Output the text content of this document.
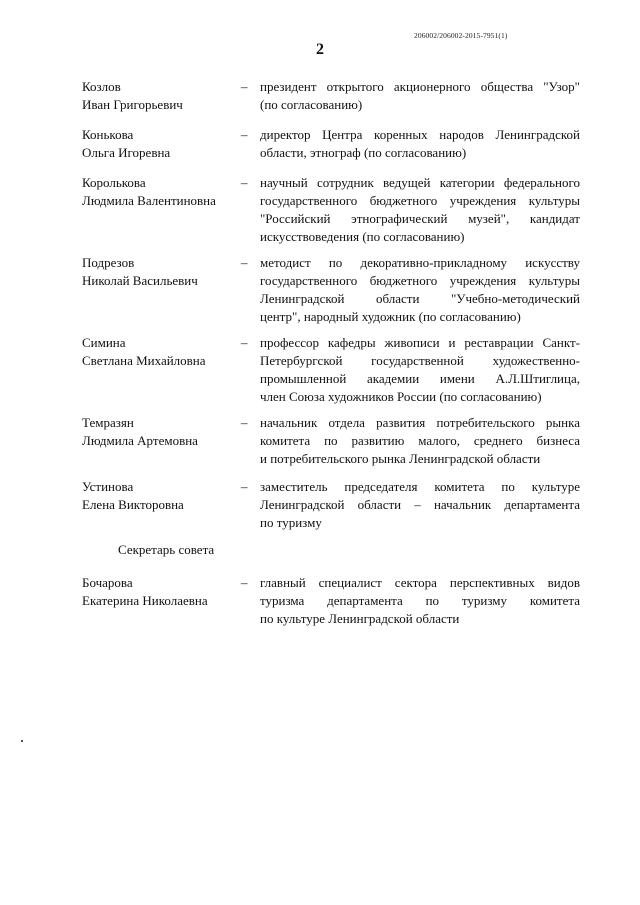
206002/206002-2015-7951(1)
2
Козлов
Иван Григорьевич
– президент открытого акционерного общества "Узор"
(по согласованию)
Конькова
Ольга Игоревна
– директор Центра коренных народов Ленинградской
области, этнограф (по согласованию)
Королькова
Людмила Валентиновна
– научный сотрудник ведущей категории федерального
государственного бюджетного учреждения культуры
"Российский этнографический музей", кандидат
искусствоведения (по согласованию)
Подрезов
Николай Васильевич
– методист по декоративно-прикладному искусству
государственного бюджетного учреждения культуры
Ленинградской области "Учебно-методический
центр", народный художник (по согласованию)
Симина
Светлана Михайловна
– профессор кафедры живописи и реставрации Санкт-
Петербургской государственной художественно-
промышленной академии имени А.Л.Штиглица,
член Союза художников России (по согласованию)
Темразян
Людмила Артемовна
– начальник отдела развития потребительского рынка
комитета по развитию малого, среднего бизнеса
и потребительского рынка Ленинградской области
Устинова
Елена Викторовна
– заместитель председателя комитета по культуре
Ленинградской области – начальник департамента
по туризму
Секретарь совета
Бочарова
Екатерина Николаевна
– главный специалист сектора перспективных видов
туризма департамента по туризму комитета
по культуре Ленинградской области
